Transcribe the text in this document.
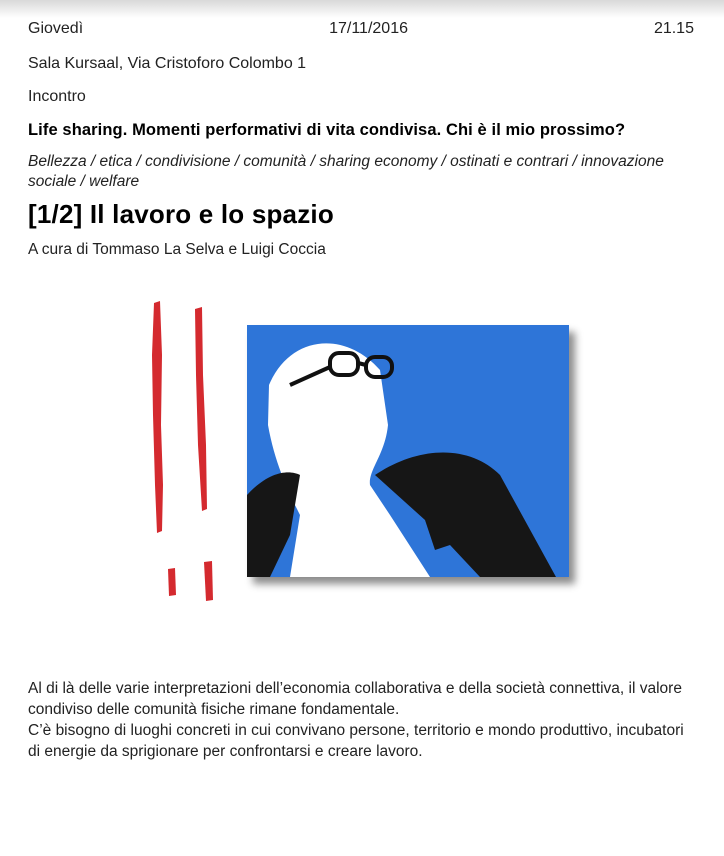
Giovedì	17/11/2016	21.15
Sala Kursaal, Via Cristoforo Colombo 1
Incontro
Life sharing. Momenti performativi di vita condivisa. Chi è il mio prossimo?
Bellezza / etica / condivisione / comunità / sharing economy / ostinati e contrari / innovazione sociale / welfare
[1/2] Il lavoro e lo spazio
A cura di Tommaso La Selva e Luigi Coccia

Al di là delle varie interpretazioni dell’economia collaborativa e della società connettiva, il valore condiviso delle comunità fisiche rimane fondamentale.

C’è bisogno di luoghi concreti in cui convivano persone, territorio e mondo produttivo, incubatori di energie da sprigionare per confrontarsi e creare lavoro.
